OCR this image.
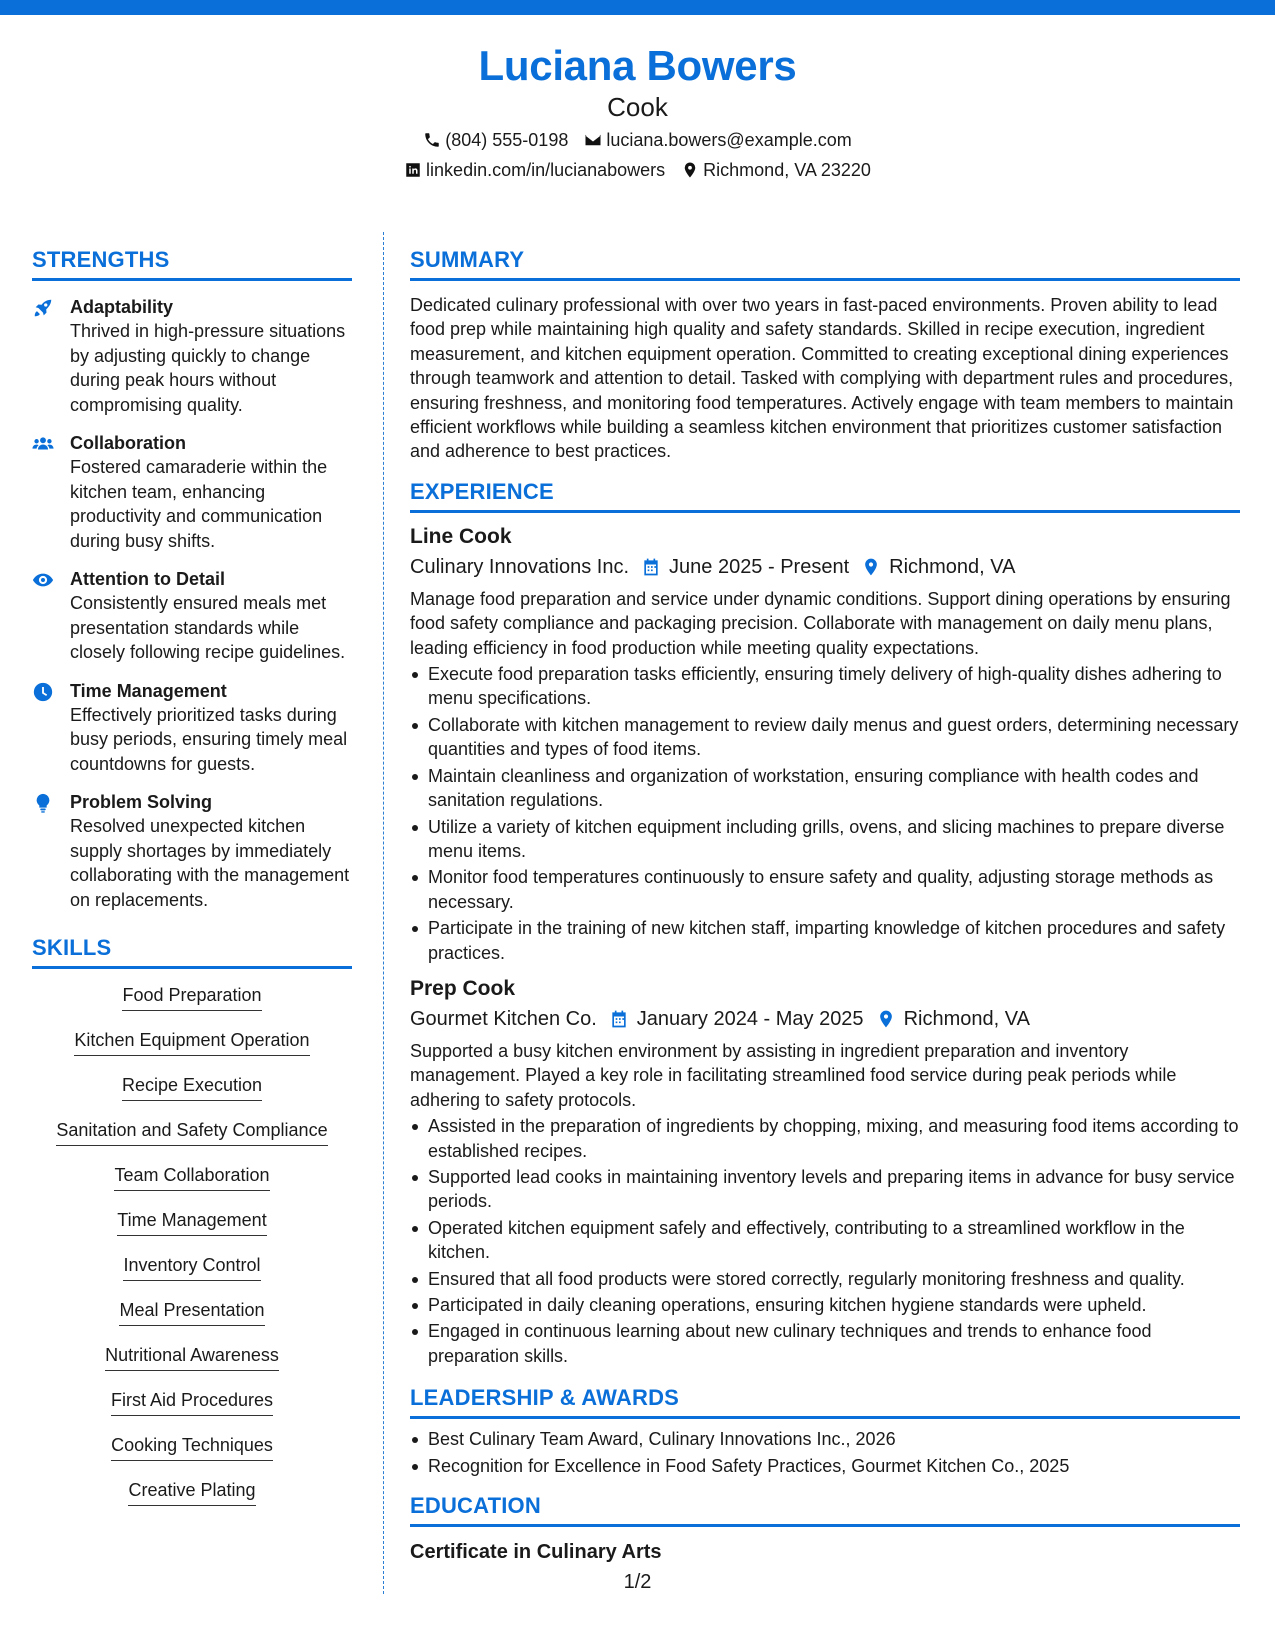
Luciana Bowers
Cook
(804) 555-0198 luciana.bowers@example.com
linkedin.com/in/lucianabowers Richmond, VA 23220
STRENGTHS
Adaptability
Thrived in high-pressure situations by adjusting quickly to change during peak hours without compromising quality.
Collaboration
Fostered camaraderie within the kitchen team, enhancing productivity and communication during busy shifts.
Attention to Detail
Consistently ensured meals met presentation standards while closely following recipe guidelines.
Time Management
Effectively prioritized tasks during busy periods, ensuring timely meal countdowns for guests.
Problem Solving
Resolved unexpected kitchen supply shortages by immediately collaborating with the management on replacements.
SKILLS
Food Preparation
Kitchen Equipment Operation
Recipe Execution
Sanitation and Safety Compliance
Team Collaboration
Time Management
Inventory Control
Meal Presentation
Nutritional Awareness
First Aid Procedures
Cooking Techniques
Creative Plating
SUMMARY
Dedicated culinary professional with over two years in fast-paced environments. Proven ability to lead food prep while maintaining high quality and safety standards. Skilled in recipe execution, ingredient measurement, and kitchen equipment operation. Committed to creating exceptional dining experiences through teamwork and attention to detail. Tasked with complying with department rules and procedures, ensuring freshness, and monitoring food temperatures. Actively engage with team members to maintain efficient workflows while building a seamless kitchen environment that prioritizes customer satisfaction and adherence to best practices.
EXPERIENCE
Line Cook
Culinary Innovations Inc. June 2025 - Present Richmond, VA
Manage food preparation and service under dynamic conditions. Support dining operations by ensuring food safety compliance and packaging precision. Collaborate with management on daily menu plans, leading efficiency in food production while meeting quality expectations.
Execute food preparation tasks efficiently, ensuring timely delivery of high-quality dishes adhering to menu specifications.
Collaborate with kitchen management to review daily menus and guest orders, determining necessary quantities and types of food items.
Maintain cleanliness and organization of workstation, ensuring compliance with health codes and sanitation regulations.
Utilize a variety of kitchen equipment including grills, ovens, and slicing machines to prepare diverse menu items.
Monitor food temperatures continuously to ensure safety and quality, adjusting storage methods as necessary.
Participate in the training of new kitchen staff, imparting knowledge of kitchen procedures and safety practices.
Prep Cook
Gourmet Kitchen Co. January 2024 - May 2025 Richmond, VA
Supported a busy kitchen environment by assisting in ingredient preparation and inventory management. Played a key role in facilitating streamlined food service during peak periods while adhering to safety protocols.
Assisted in the preparation of ingredients by chopping, mixing, and measuring food items according to established recipes.
Supported lead cooks in maintaining inventory levels and preparing items in advance for busy service periods.
Operated kitchen equipment safely and effectively, contributing to a streamlined workflow in the kitchen.
Ensured that all food products were stored correctly, regularly monitoring freshness and quality.
Participated in daily cleaning operations, ensuring kitchen hygiene standards were upheld.
Engaged in continuous learning about new culinary techniques and trends to enhance food preparation skills.
LEADERSHIP & AWARDS
Best Culinary Team Award, Culinary Innovations Inc., 2026
Recognition for Excellence in Food Safety Practices, Gourmet Kitchen Co., 2025
EDUCATION
Certificate in Culinary Arts
1/2
